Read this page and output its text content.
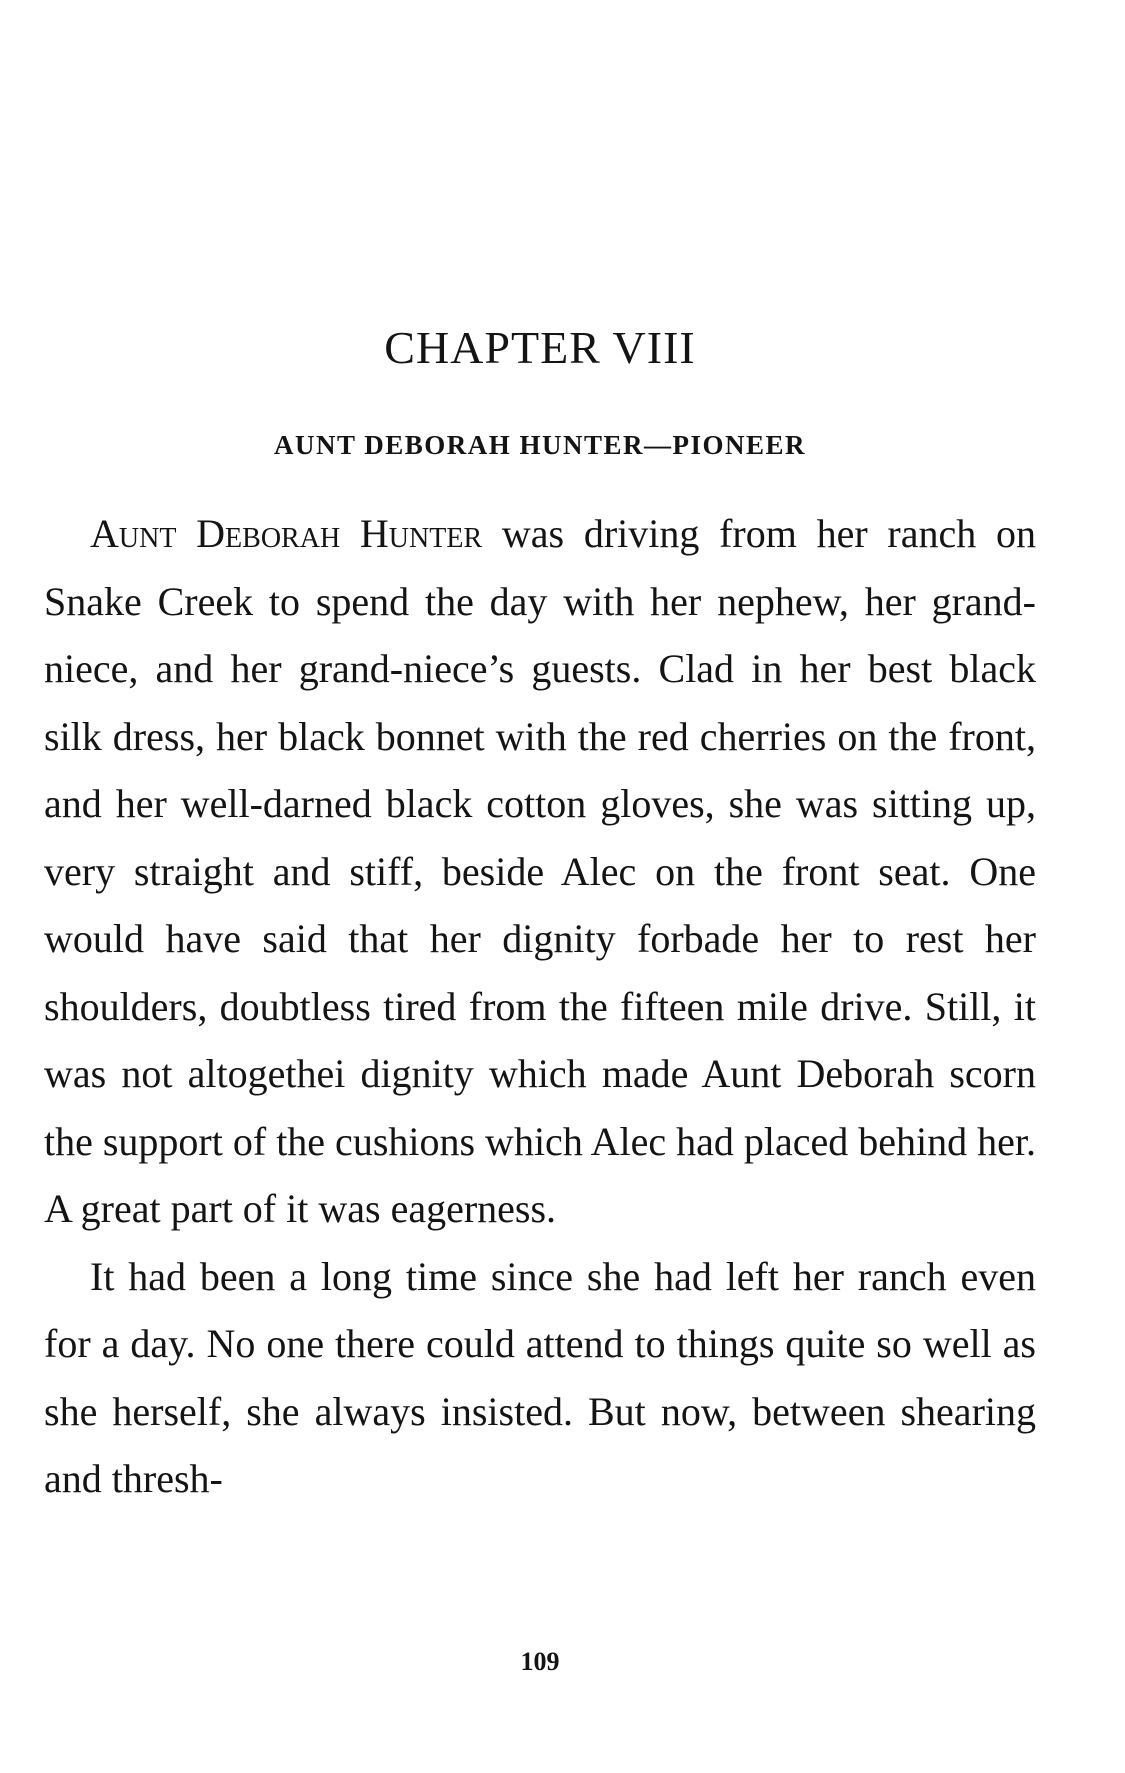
CHAPTER VIII
AUNT DEBORAH HUNTER—PIONEER

Aunt Deborah Hunter was driving from her ranch on Snake Creek to spend the day with her nephew, her grand-niece, and her grand-niece’s guests. Clad in her best black silk dress, her black bonnet with the red cherries on the front, and her well-darned black cotton gloves, she was sitting up, very straight and stiff, beside Alec on the front seat. One would have said that her dignity forbade her to rest her shoulders, doubtless tired from the fifteen mile drive. Still, it was not altogethei dignity which made Aunt Deborah scorn the support of the cushions which Alec had placed behind her. A great part of it was eagerness.

It had been a long time since she had left her ranch even for a day. No one there could attend to things quite so well as she herself, she always insisted. But now, between shearing and thresh-

109
